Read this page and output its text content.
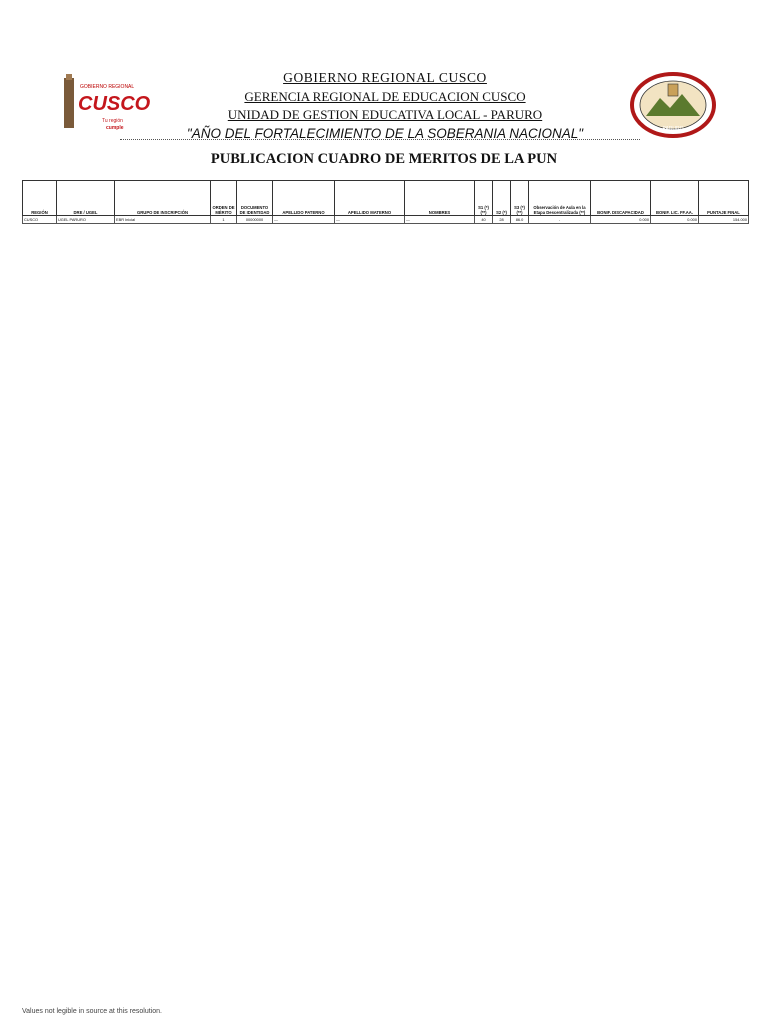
GOBIERNO REGIONAL
CUSCO
Tu región
cumple

GOBIERNO REGIONAL CUSCO

GERENCIA REGIONAL DE EDUCACION CUSCO

UNIDAD DE GESTION EDUCATIVA LOCAL - PARURO

"AÑO DEL FORTALECIMIENTO DE LA SOBERANIA NACIONAL"	PARURO
PUBLICACION CUADRO DE MERITOS DE LA PUN
REGIÓN	DRE / UGEL	GRUPO DE INSCRIPCIÓN	ORDEN DE MÉRITO	DOCUMENTO DE IDENTIDAD	APELLIDO PATERNO	APELLIDO MATERNO	NOMBRES	S1 (*) (**)	S2 (*)	S3 (*) (**)	Observación de Aula en la Etapa Descentralizada (**)	BONIF. DISCAPACIDAD	BONIF. LIC. FF.AA.	PUNTAJE FINAL
CUSCO	UGEL PARURO	EBR Inicial	1	00000000	—	—	—	40	28	86.0	-	0.000	0.000	154.000
Values not legible in source at this resolution.
